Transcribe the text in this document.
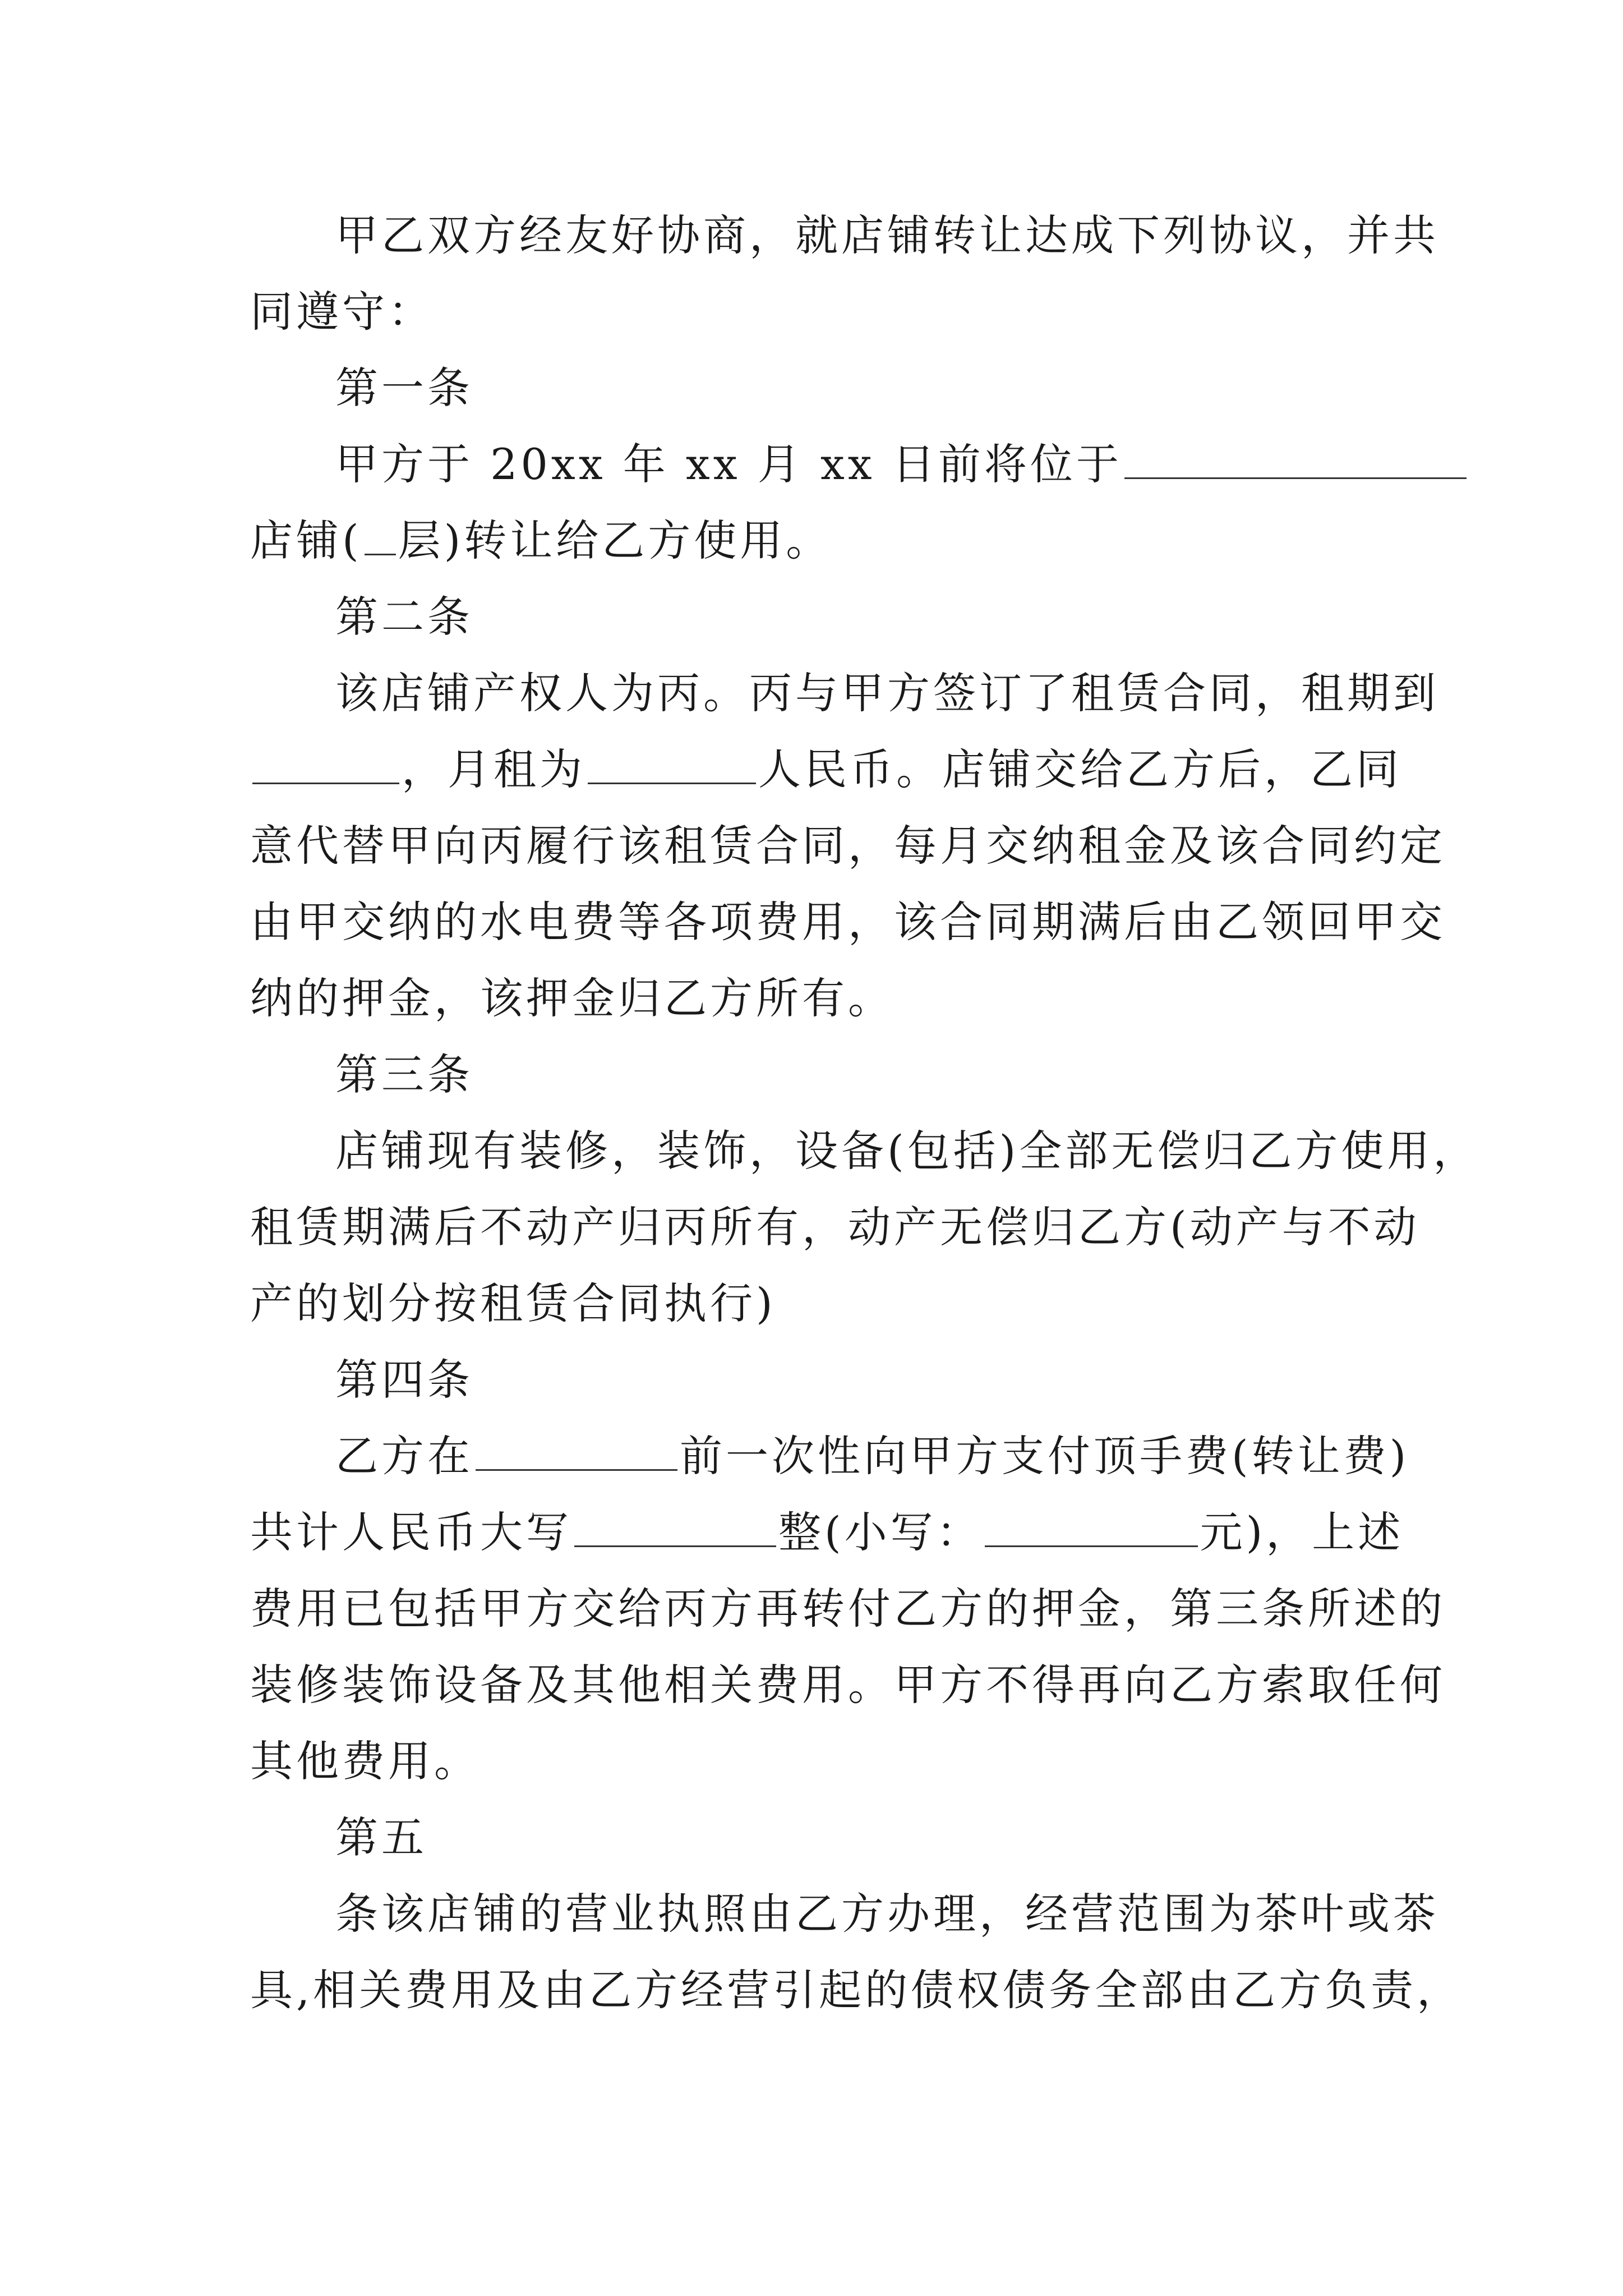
甲乙双方经友好协商，就店铺转让达成下列协议，并共
同遵守：
第一条
甲方于 20xx 年 xx 月 xx 日前将位于
店铺( 层)转让给乙方使用。
第二条
该店铺产权人为丙。丙与甲方签订了租赁合同，租期到
，月租为	人民币。店铺交给乙方后，乙同
意代替甲向丙履行该租赁合同，每月交纳租金及该合同约定
由甲交纳的水电费等各项费用，该合同期满后由乙领回甲交
纳的押金，该押金归乙方所有。
第三条
店铺现有装修，装饰，设备(包括)全部无偿归乙方使用，
租赁期满后不动产归丙所有，动产无偿归乙方(动产与不动
产的划分按租赁合同执行)
第四条
乙方在	前一次性向甲方支付顶手费(转让费)
共计人民币大写	整(小写：	元)，上述
费用已包括甲方交给丙方再转付乙方的押金，第三条所述的
装修装饰设备及其他相关费用。甲方不得再向乙方索取任何
其他费用。
第五
条该店铺的营业执照由乙方办理，经营范围为茶叶或茶
具,相关费用及由乙方经营引起的债权债务全部由乙方负责，
